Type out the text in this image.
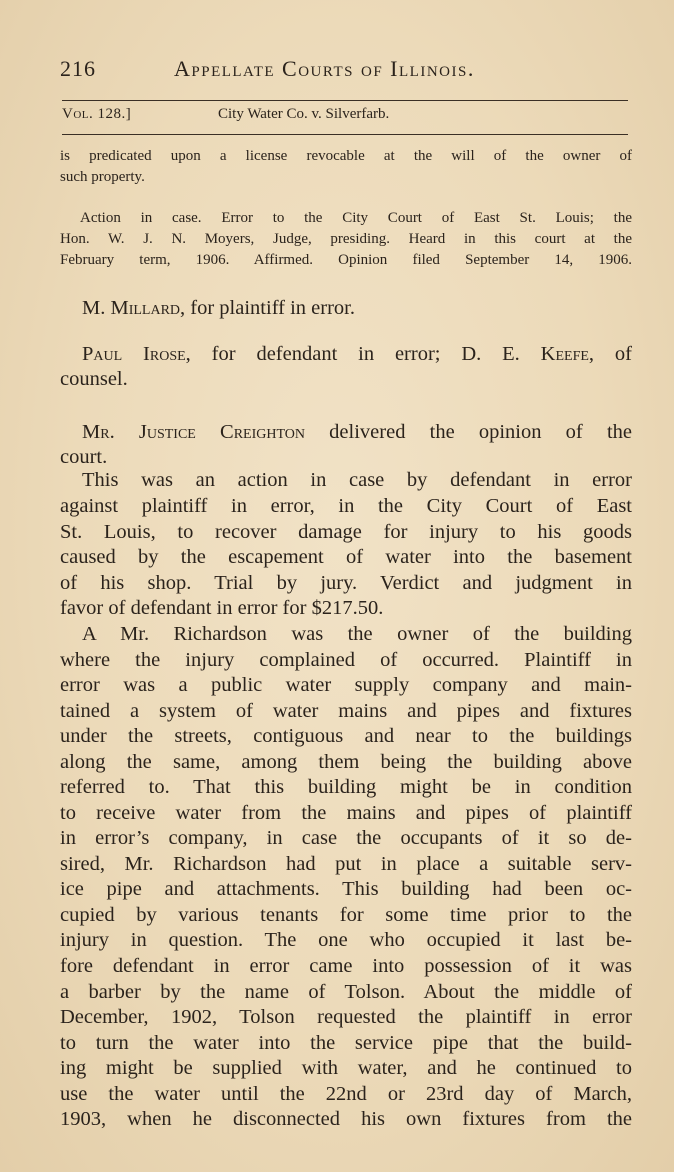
216	Appellate Courts of Illinois.
Vol. 128.]	City Water Co. v. Silverfarb.
is predicated upon a license revocable at the will of the owner of
such property.
Action in case. Error to the City Court of East St. Louis; the
Hon. W. J. N. Moyers, Judge, presiding. Heard in this court at the
February term, 1906. Affirmed. Opinion filed September 14, 1906.
M. Millard, for plaintiff in error.
Paul Irose, for defendant in error; D. E. Keefe, of
counsel.
Mr. Justice Creighton delivered the opinion of the
court.
This was an action in case by defendant in error
against plaintiff in error, in the City Court of East
St. Louis, to recover damage for injury to his goods
caused by the escapement of water into the basement
of his shop. Trial by jury. Verdict and judgment in
favor of defendant in error for $217.50.
A Mr. Richardson was the owner of the building
where the injury complained of occurred. Plaintiff in
error was a public water supply company and main-
tained a system of water mains and pipes and fixtures
under the streets, contiguous and near to the buildings
along the same, among them being the building above
referred to. That this building might be in condition
to receive water from the mains and pipes of plaintiff
in error’s company, in case the occupants of it so de-
sired, Mr. Richardson had put in place a suitable serv-
ice pipe and attachments. This building had been oc-
cupied by various tenants for some time prior to the
injury in question. The one who occupied it last be-
fore defendant in error came into possession of it was
a barber by the name of Tolson. About the middle of
December, 1902, Tolson requested the plaintiff in error
to turn the water into the service pipe that the build-
ing might be supplied with water, and he continued to
use the water until the 22nd or 23rd day of March,
1903, when he disconnected his own fixtures from the
